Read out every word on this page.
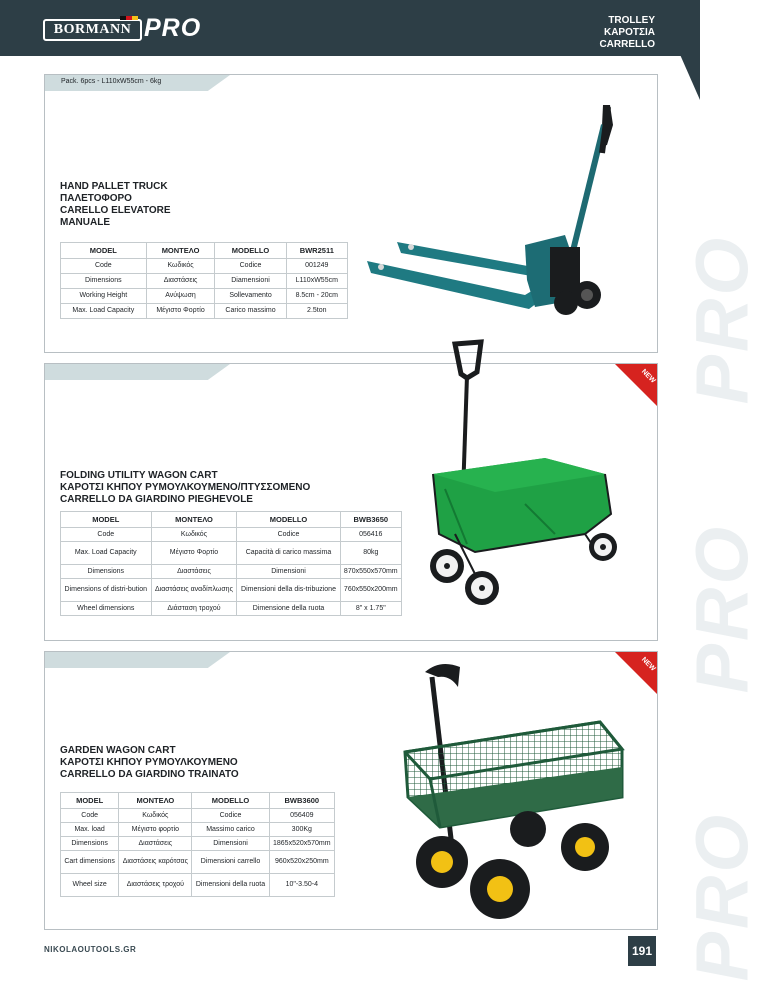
BORMANN PRO	TROLLEY
ΚΑΡΟΤΣΙΑ
CARRELLO
Pack. 6pcs - L110xW55cm - 6kg
PRO
HAND PALLET TRUCK
ΠΑΛΕΤΟΦΟΡΟ
CARELLO ELEVATORE
MANUALE
MODEL	ΜΟΝΤΕΛΟ	MODELLO	BWR2511
Code	Κωδικός	Codice	001249
Dimensions	Διαστάσεις	Diamensioni	L110xW55cm
Working Height	Ανύψωση	Sollevamento	8.5cm - 20cm
Max. Load Capacity	Μέγιστο Φορτίο	Carico massimo	2.5ton
PRO
NEW
FOLDING UTILITY WAGON CART
ΚΑΡΟΤΣΙ ΚΗΠΟΥ ΡΥΜΟΥΛΚΟΥΜΕΝΟ/ΠΤΥΣΣΟΜΕΝΟ
CARRELLO DA GIARDINO PIEGHEVOLE
MODEL	ΜΟΝΤΕΛΟ	MODELLO	BWB3650
Code	Κωδικός	Codice	056416
Max. Load Capacity	Μέγιστο Φορτίο	Capacità di carico massima	80kg
Dimensions	Διαστάσεις	Dimensioni	870x550x570mm
Dimensions of distri-bution	Διαστάσεις αναδίπλωσης	Dimensioni della dis-tribuzione	760x550x200mm
Wheel dimensions	Διάσταση τροχού	Dimensione della ruota	8" x 1.75"
PRO
NEW
GARDEN WAGON CART
ΚΑΡΟΤΣΙ ΚΗΠΟΥ ΡΥΜΟΥΛΚΟΥΜΕΝΟ
CARRELLO DA GIARDINO TRAINATO
MODEL	ΜΟΝΤΕΛΟ	MODELLO	BWB3600
Code	Κωδικός	Codice	056409
Max. load	Μέγιστο φορτίο	Massimo carico	300Kg
Dimensions	Διαστάσεις	Dimensioni	1865x520x570mm
Cart dimensions	Διαστάσεις καρότσας	Dimensioni carrello	960x520x250mm
Wheel size	Διαστάσεις τροχού	Dimensioni della ruota	10"-3.50-4
NIKOLAOUTOOLS.GR	191
